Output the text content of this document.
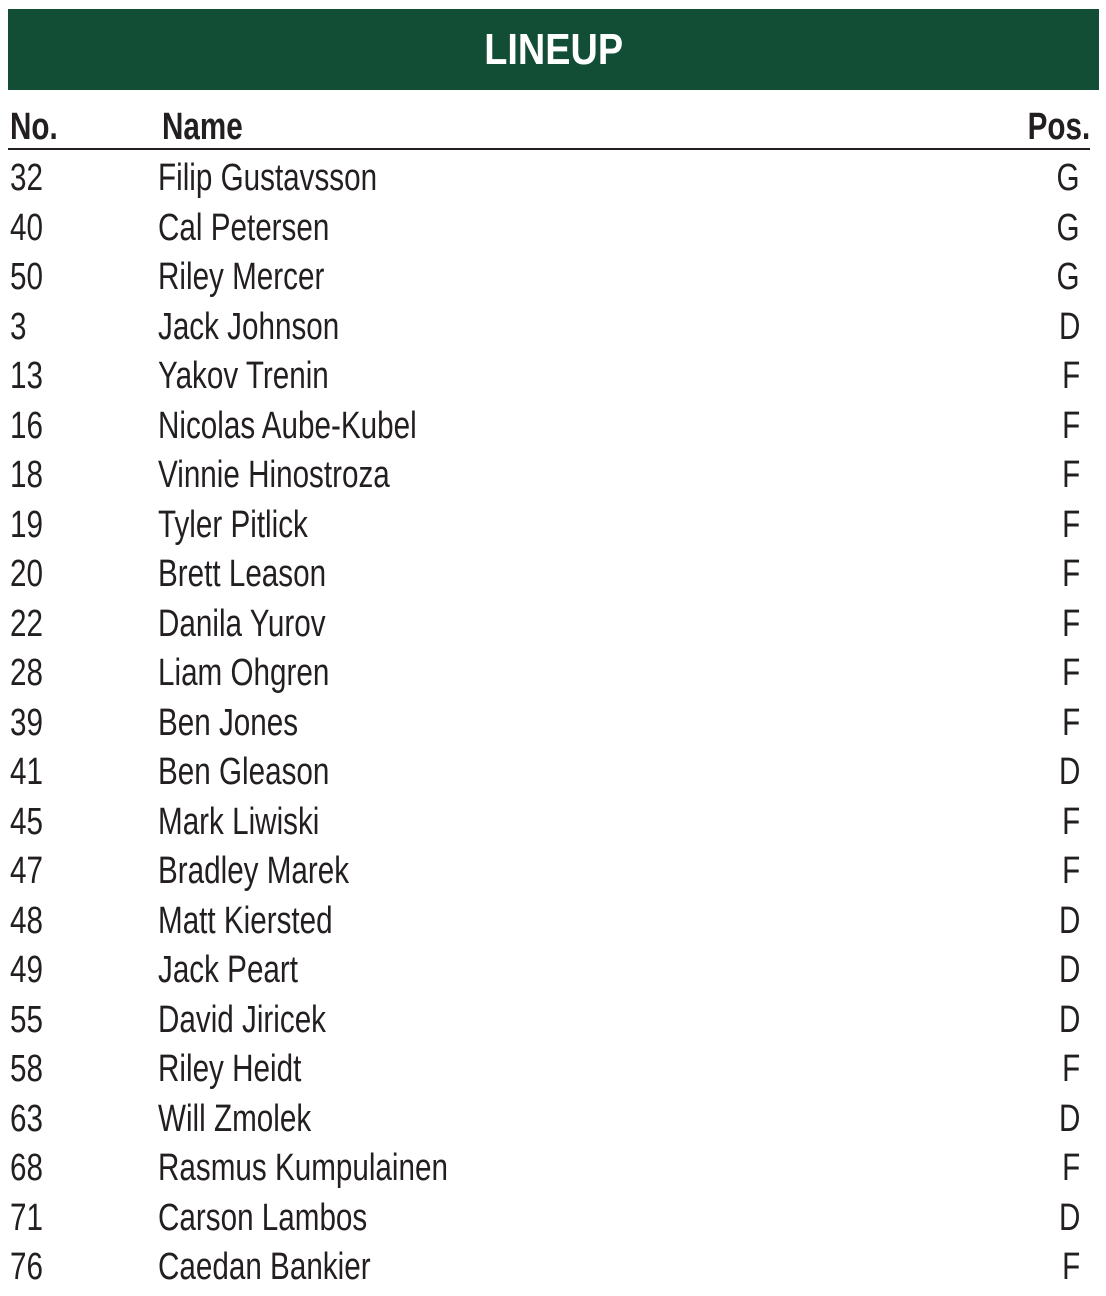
LINEUP
No.	Name	Pos.
32	Filip Gustavsson	G
40	Cal Petersen	G
50	Riley Mercer	G
3	Jack Johnson	D
13	Yakov Trenin	F
16	Nicolas Aube-Kubel	F
18	Vinnie Hinostroza	F
19	Tyler Pitlick	F
20	Brett Leason	F
22	Danila Yurov	F
28	Liam Ohgren	F
39	Ben Jones	F
41	Ben Gleason	D
45	Mark Liwiski	F
47	Bradley Marek	F
48	Matt Kiersted	D
49	Jack Peart	D
55	David Jiricek	D
58	Riley Heidt	F
63	Will Zmolek	D
68	Rasmus Kumpulainen	F
71	Carson Lambos	D
76	Caedan Bankier	F
